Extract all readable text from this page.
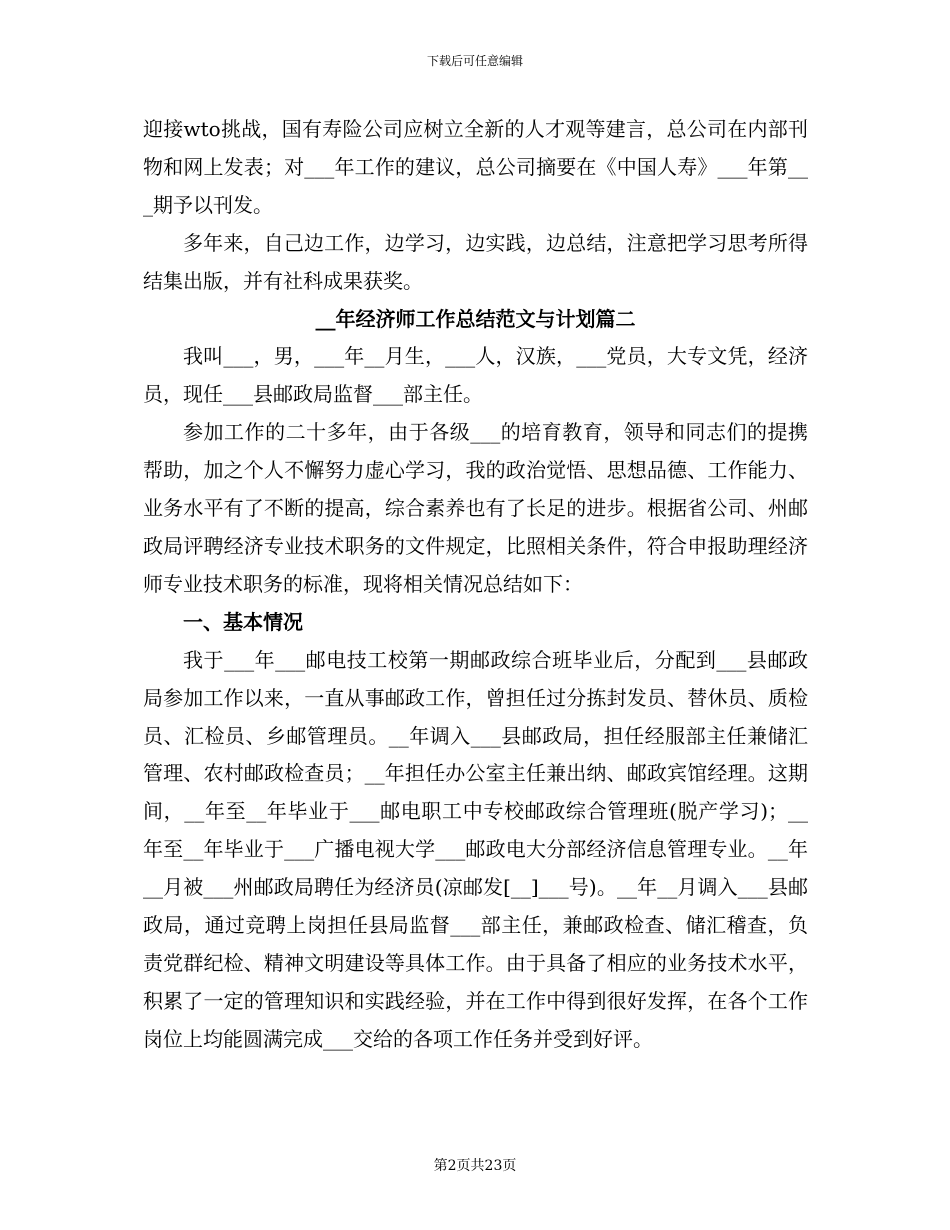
下载后可任意编辑

迎接wto挑战，国有寿险公司应树立全新的人才观等建言，总公司在内部刊物和网上发表；对___年工作的建议，总公司摘要在《中国人寿》___年第___期予以刊发。

多年来，自己边工作，边学习，边实践，边总结，注意把学习思考所得结集出版，并有社科成果获奖。

__年经济师工作总结范文与计划篇二

我叫___，男，___年__月生，___人，汉族，___党员，大专文凭，经济员，现任___县邮政局监督___部主任。

参加工作的二十多年，由于各级___的培育教育，领导和同志们的提携帮助，加之个人不懈努力虚心学习，我的政治觉悟、思想品德、工作能力、业务水平有了不断的提高，综合素养也有了长足的进步。根据省公司、州邮政局评聘经济专业技术职务的文件规定，比照相关条件，符合申报助理经济师专业技术职务的标准，现将相关情况总结如下：

一、基本情况

我于___年___邮电技工校第一期邮政综合班毕业后，分配到___县邮政局参加工作以来，一直从事邮政工作，曾担任过分拣封发员、替休员、质检员、汇检员、乡邮管理员。__年调入___县邮政局，担任经服部主任兼储汇管理、农村邮政检查员；__年担任办公室主任兼出纳、邮政宾馆经理。这期间，__年至__年毕业于___邮电职工中专校邮政综合管理班(脱产学习)；__年至__年毕业于___广播电视大学___邮政电大分部经济信息管理专业。__年__月被___州邮政局聘任为经济员(凉邮发[__]___号)。__年__月调入___县邮政局，通过竞聘上岗担任县局监督___部主任，兼邮政检查、储汇稽查，负责党群纪检、精神文明建设等具体工作。由于具备了相应的业务技术水平，积累了一定的管理知识和实践经验，并在工作中得到很好发挥，在各个工作岗位上均能圆满完成___交给的各项工作任务并受到好评。

第2页共23页
